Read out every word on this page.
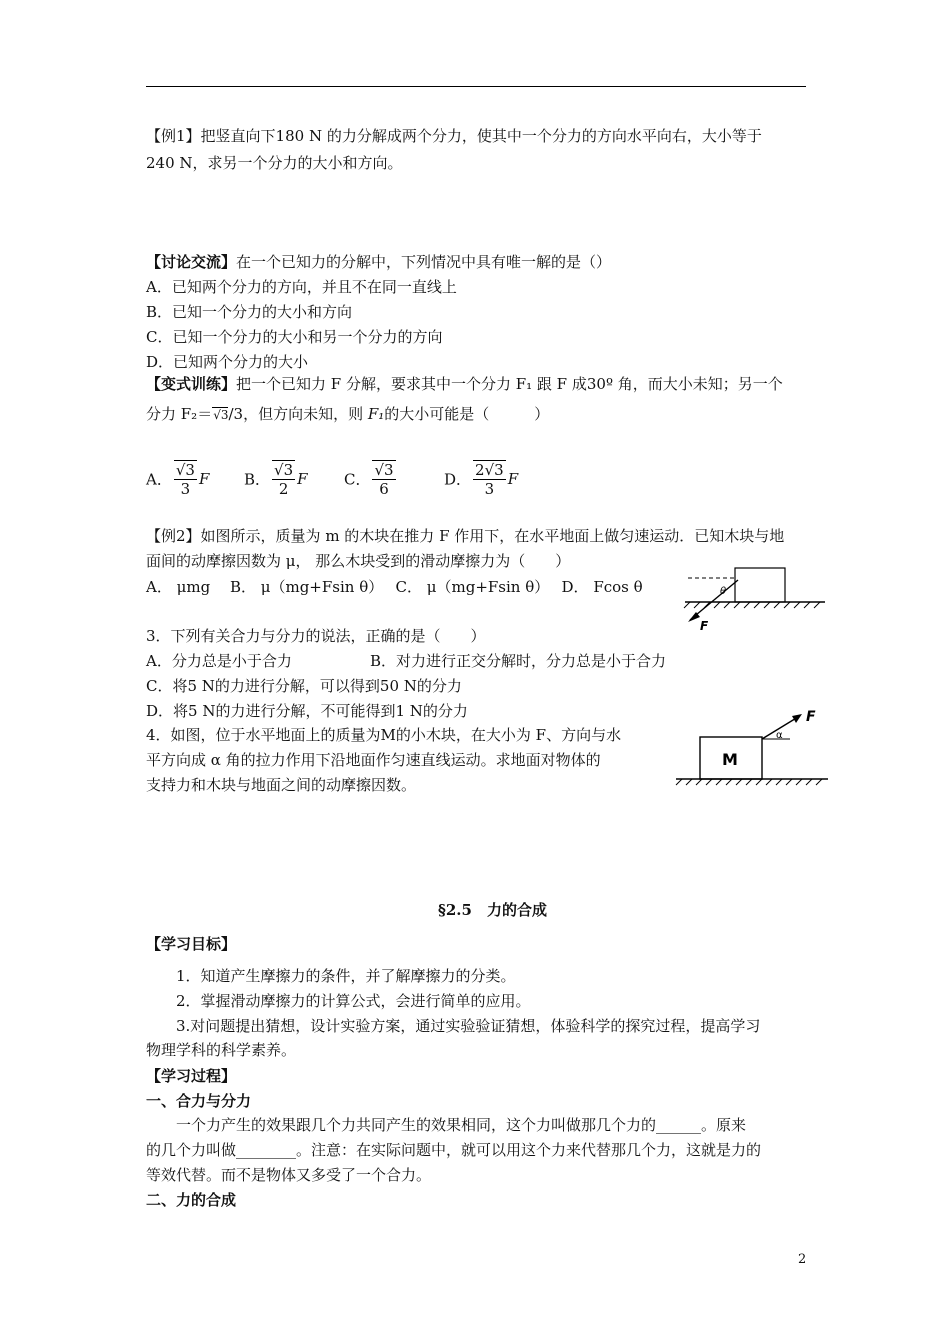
【例1】把竖直向下180 N 的力分解成两个分力，使其中一个分力的方向水平向右，大小等于
240 N，求另一个分力的大小和方向。
【讨论交流】在一个已知力的分解中，下列情况中具有唯一解的是（）
A．已知两个分力的方向，并且不在同一直线上
B．已知一个分力的大小和方向
C．已知一个分力的大小和另一个分力的方向
D．已知两个分力的大小
【变式训练】把一个已知力 F 分解，要求其中一个分力 F₁ 跟 F 成30º 角，而大小未知；另一个
分力 F₂＝√3/3，但方向未知，则 F₁的大小可能是（　　　）
A． $\frac{√3}{3}$ F B． $\frac{√3}{2}$ F C． $\frac{√3}{6}$	D． $\frac{2√3}{3}$ F
【例2】如图所示，质量为 m 的木块在推力 F 作用下，在水平地面上做匀速运动．已知木块与地
面间的动摩擦因数为 μ， 那么木块受到的滑动摩擦力为（　　）
A． μmg　 B． μ（mg+Fsin θ）　 C． μ（mg+Fsin θ）　 D． Fcos θ	θ
F
3．下列有关合力与分力的说法，正确的是（　　）
A．分力总是小于合力	B．对力进行正交分解时，分力总是小于合力
C．将5 N的力进行分解，可以得到50 N的分力
D．将5 N的力进行分解，不可能得到1 N的分力
4．如图，位于水平地面上的质量为M的小木块，在大小为 F、方向与水
平方向成 α 角的拉力作用下沿地面作匀速直线运动。求地面对物体的
支持力和木块与地面之间的动摩擦因数。
M
α
F
§2.5　力的合成
【学习目标】
1．知道产生摩擦力的条件，并了解摩擦力的分类。
2．掌握滑动摩擦力的计算公式，会进行简单的应用。
3.对问题提出猜想，设计实验方案，通过实验验证猜想，体验科学的探究过程，提高学习
物理学科的科学素养。
【学习过程】
一、合力与分力
一个力产生的效果跟几个力共同产生的效果相同，这个力叫做那几个力的______。原来
的几个力叫做________。注意：在实际问题中，就可以用这个力来代替那几个力，这就是力的
等效代替。而不是物体又多受了一个合力。
二、力的合成
2
